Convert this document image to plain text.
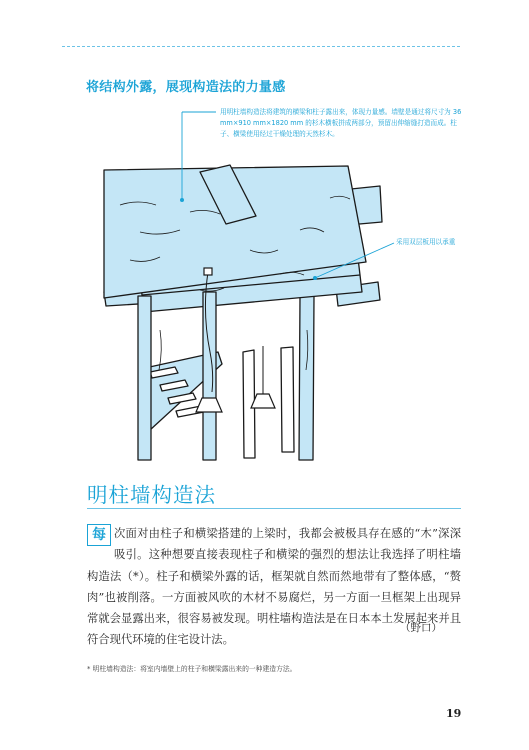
将结构外露，展现构造法的力量感
用明柱墙构造法将建筑的横梁和柱子露出来，体现力量感。墙壁是通过将尺寸为 36 mm×910 mm×1820 mm 的杉木横板拼成两部分，预留出伸缩缝打造而成。柱子、横梁使用经过干燥处理的天然杉木。
采用双层板用以承重
明柱墙构造法
每 次面对由柱子和横梁搭建的上梁时，我都会被极具存在感的“木”深深吸引。这种想要直接表现柱子和横梁的强烈的想法让我选择了明柱墙构造法（*）。柱子和横梁外露的话，框架就自然而然地带有了整体感，“赘肉”也被削落。一方面被风吹的木材不易腐烂，另一方面一旦框架上出现异常就会显露出来，很容易被发现。明柱墙构造法是在日本本土发展起来并且符合现代环境的住宅设计法。
（野口）
* 明柱墙构造法：将室内墙壁上的柱子和横梁露出来的一种建造方法。
19
